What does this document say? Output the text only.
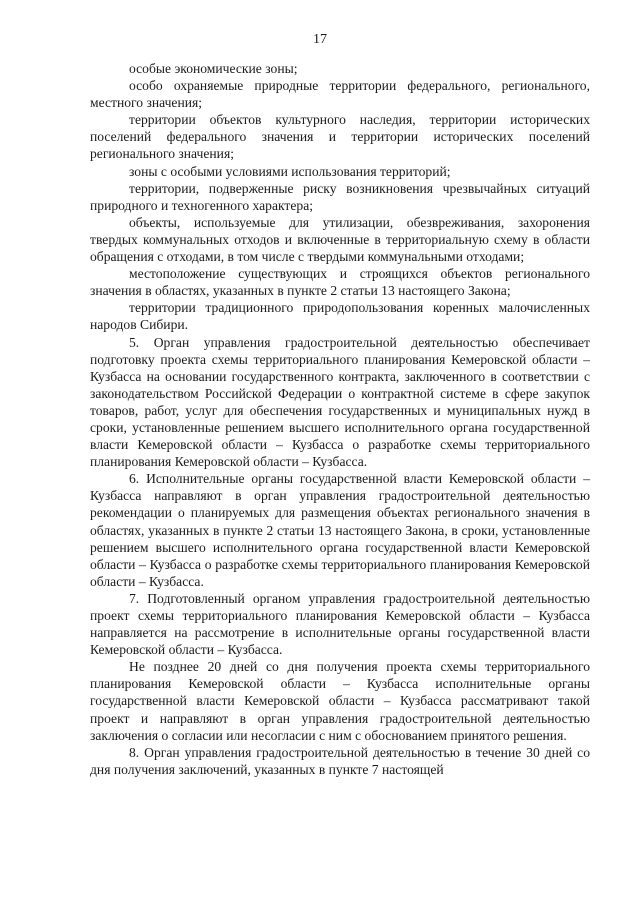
17

особые экономические зоны;

особо охраняемые природные территории федерального, регионального, местного значения;

территории объектов культурного наследия, территории исторических поселений федерального значения и территории исторических поселений регионального значения;

зоны с особыми условиями использования территорий;

территории, подверженные риску возникновения чрезвычайных ситуаций природного и техногенного характера;

объекты, используемые для утилизации, обезвреживания, захоронения твердых коммунальных отходов и включенные в территориальную схему в области обращения с отходами, в том числе с твердыми коммунальными отходами;

местоположение существующих и строящихся объектов регионального значения в областях, указанных в пункте 2 статьи 13 настоящего Закона;

территории традиционного природопользования коренных малочисленных народов Сибири.

5. Орган управления градостроительной деятельностью обеспечивает подготовку проекта схемы территориального планирования Кемеровской области – Кузбасса на основании государственного контракта, заключенного в соответствии с законодательством Российской Федерации о контрактной системе в сфере закупок товаров, работ, услуг для обеспечения государственных и муниципальных нужд в сроки, установленные решением высшего исполнительного органа государственной власти Кемеровской области – Кузбасса о разработке схемы территориального планирования Кемеровской области – Кузбасса.

6. Исполнительные органы государственной власти Кемеровской области – Кузбасса направляют в орган управления градостроительной деятельностью рекомендации о планируемых для размещения объектах регионального значения в областях, указанных в пункте 2 статьи 13 настоящего Закона, в сроки, установленные решением высшего исполнительного органа государственной власти Кемеровской области – Кузбасса о разработке схемы территориального планирования Кемеровской области – Кузбасса.

7. Подготовленный органом управления градостроительной деятельностью проект схемы территориального планирования Кемеровской области – Кузбасса направляется на рассмотрение в исполнительные органы государственной власти Кемеровской области – Кузбасса.

Не позднее 20 дней со дня получения проекта схемы территориального планирования Кемеровской области – Кузбасса исполнительные органы государственной власти Кемеровской области – Кузбасса рассматривают такой проект и направляют в орган управления градостроительной деятельностью заключения о согласии или несогласии с ним с обоснованием принятого решения.

8. Орган управления градостроительной деятельностью в течение 30 дней со дня получения заключений, указанных в пункте 7 настоящей
